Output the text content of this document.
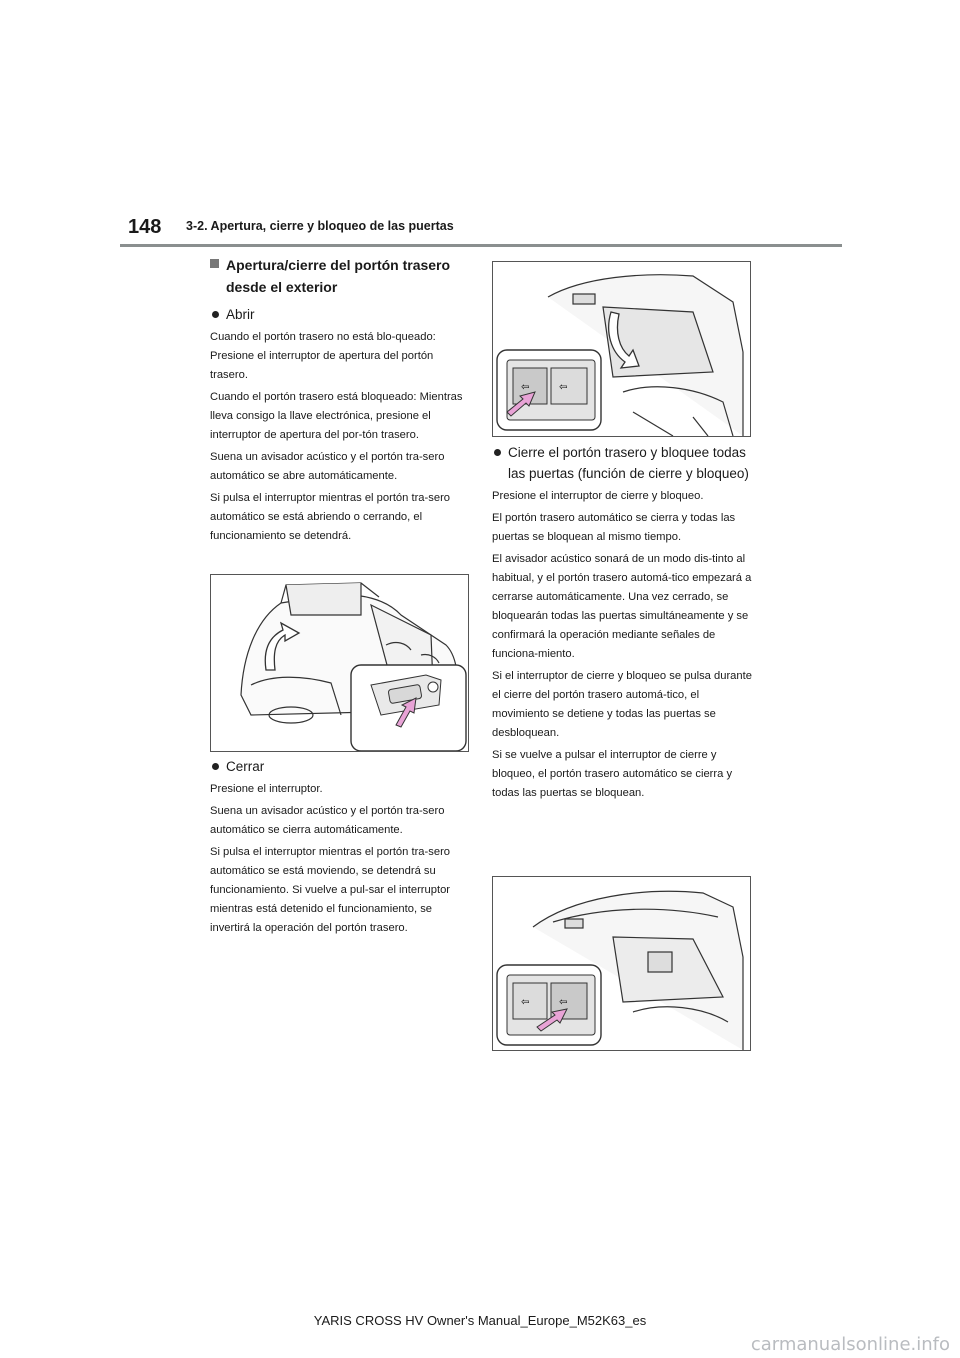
148 3-2. Apertura, cierre y bloqueo de las puertas
Apertura/cierre del portón trasero desde el exterior
Abrir

Cuando el portón trasero no está blo-queado: Presione el interruptor de apertura del portón trasero.

Cuando el portón trasero está bloqueado: Mientras lleva consigo la llave electrónica, presione el interruptor de apertura del por-tón trasero.

Suena un avisador acústico y el portón tra-sero automático se abre automáticamente.

Si pulsa el interruptor mientras el portón tra-sero automático se está abriendo o cerrando, el funcionamiento se detendrá.

Cerrar

Presione el interruptor.

Suena un avisador acústico y el portón tra-sero automático se cierra automáticamente.

Si pulsa el interruptor mientras el portón tra-sero automático se está moviendo, se detendrá su funcionamiento. Si vuelve a pul-sar el interruptor mientras está detenido el funcionamiento, se invertirá la operación del portón trasero.

⇦	⇦
Cierre el portón trasero y bloquee todas las puertas (función de cierre y bloqueo)

Presione el interruptor de cierre y bloqueo.

El portón trasero automático se cierra y todas las puertas se bloquean al mismo tiempo.

El avisador acústico sonará de un modo dis-tinto al habitual, y el portón trasero automá-tico empezará a cerrarse automáticamente. Una vez cerrado, se bloquearán todas las puertas simultáneamente y se confirmará la operación mediante señales de funciona-miento.

Si el interruptor de cierre y bloqueo se pulsa durante el cierre del portón trasero automá-tico, el movimiento se detiene y todas las puertas se desbloquean.

Si se vuelve a pulsar el interruptor de cierre y bloqueo, el portón trasero automático se cierra y todas las puertas se bloquean.

⇦	⇦
YARIS CROSS HV Owner's Manual_Europe_M52K63_es
carmanualsonline.info
